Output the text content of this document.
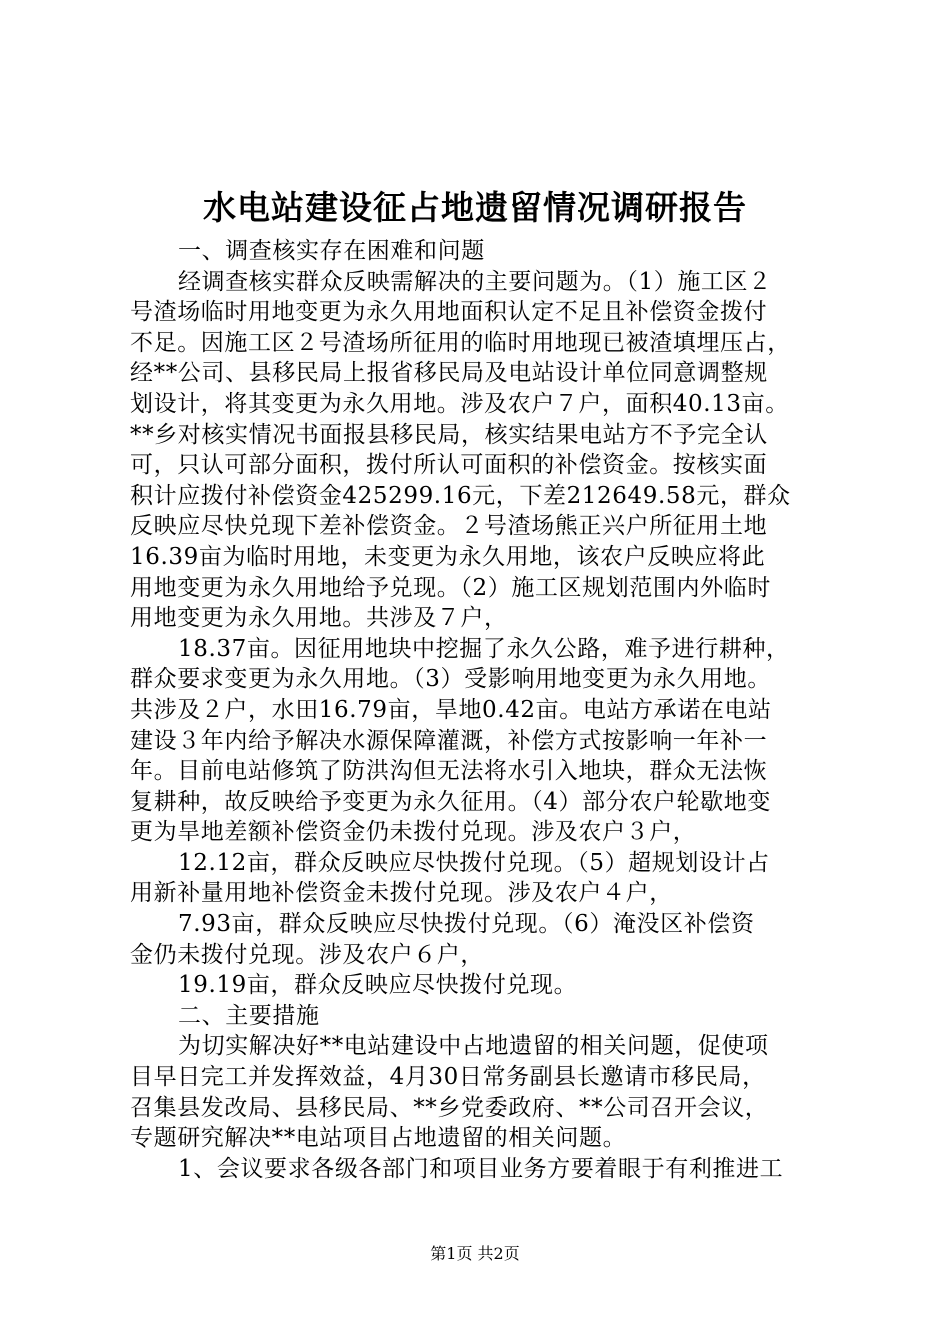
水电站建设征占地遗留情况调研报告
一、调查核实存在困难和问题
经调查核实群众反映需解决的主要问题为。（1）施工区２
号渣场临时用地变更为永久用地面积认定不足且补偿资金拨付
不足。因施工区２号渣场所征用的临时用地现已被渣填埋压占，
经**公司、县移民局上报省移民局及电站设计单位同意调整规
划设计，将其变更为永久用地。涉及农户７户，面积40.13亩。
**乡对核实情况书面报县移民局，核实结果电站方不予完全认
可，只认可部分面积，拨付所认可面积的补偿资金。按核实面
积计应拨付补偿资金425299.16元，下差212649.58元，群众
反映应尽快兑现下差补偿资金。２号渣场熊正兴户所征用土地
16.39亩为临时用地，未变更为永久用地，该农户反映应将此
用地变更为永久用地给予兑现。（2）施工区规划范围内外临时
用地变更为永久用地。共涉及７户，
18.37亩。因征用地块中挖掘了永久公路，难予进行耕种，
群众要求变更为永久用地。（3）受影响用地变更为永久用地。
共涉及２户，水田16.79亩，旱地0.42亩。电站方承诺在电站
建设３年内给予解决水源保障灌溉，补偿方式按影响一年补一
年。目前电站修筑了防洪沟但无法将水引入地块，群众无法恢
复耕种，故反映给予变更为永久征用。（4）部分农户轮歇地变
更为旱地差额补偿资金仍未拨付兑现。涉及农户３户，
12.12亩，群众反映应尽快拨付兑现。（5）超规划设计占
用新补量用地补偿资金未拨付兑现。涉及农户４户，
7.93亩，群众反映应尽快拨付兑现。（6）淹没区补偿资
金仍未拨付兑现。涉及农户６户，
19.19亩，群众反映应尽快拨付兑现。
二、主要措施
为切实解决好**电站建设中占地遗留的相关问题，促使项
目早日完工并发挥效益，4月30日常务副县长邀请市移民局，
召集县发改局、县移民局、**乡党委政府、**公司召开会议，
专题研究解决**电站项目占地遗留的相关问题。
1、会议要求各级各部门和项目业务方要着眼于有利推进工
第1页 共2页
